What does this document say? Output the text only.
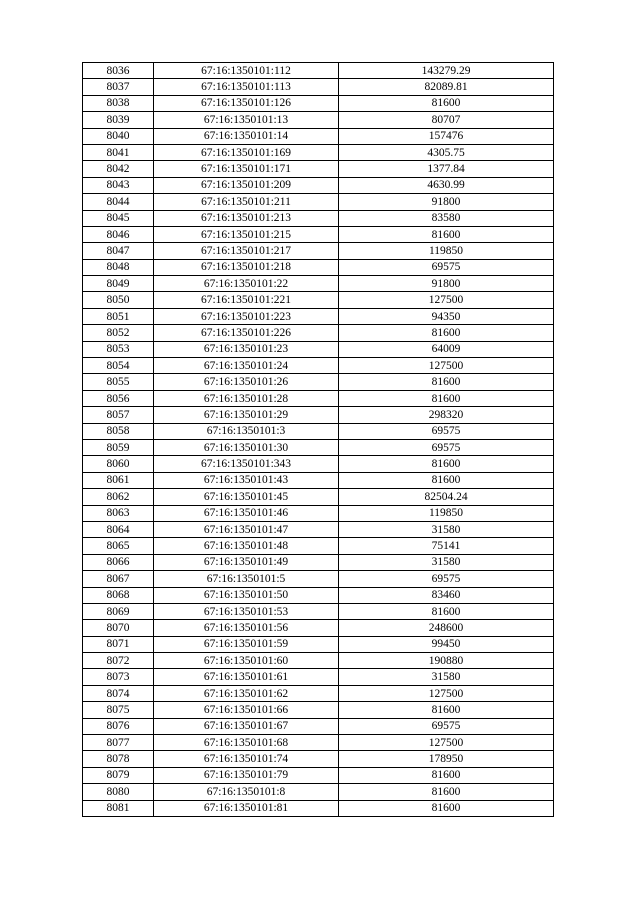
8036	67:16:1350101:112	143279.29
8037	67:16:1350101:113	82089.81
8038	67:16:1350101:126	81600
8039	67:16:1350101:13	80707
8040	67:16:1350101:14	157476
8041	67:16:1350101:169	4305.75
8042	67:16:1350101:171	1377.84
8043	67:16:1350101:209	4630.99
8044	67:16:1350101:211	91800
8045	67:16:1350101:213	83580
8046	67:16:1350101:215	81600
8047	67:16:1350101:217	119850
8048	67:16:1350101:218	69575
8049	67:16:1350101:22	91800
8050	67:16:1350101:221	127500
8051	67:16:1350101:223	94350
8052	67:16:1350101:226	81600
8053	67:16:1350101:23	64009
8054	67:16:1350101:24	127500
8055	67:16:1350101:26	81600
8056	67:16:1350101:28	81600
8057	67:16:1350101:29	298320
8058	67:16:1350101:3	69575
8059	67:16:1350101:30	69575
8060	67:16:1350101:343	81600
8061	67:16:1350101:43	81600
8062	67:16:1350101:45	82504.24
8063	67:16:1350101:46	119850
8064	67:16:1350101:47	31580
8065	67:16:1350101:48	75141
8066	67:16:1350101:49	31580
8067	67:16:1350101:5	69575
8068	67:16:1350101:50	83460
8069	67:16:1350101:53	81600
8070	67:16:1350101:56	248600
8071	67:16:1350101:59	99450
8072	67:16:1350101:60	190880
8073	67:16:1350101:61	31580
8074	67:16:1350101:62	127500
8075	67:16:1350101:66	81600
8076	67:16:1350101:67	69575
8077	67:16:1350101:68	127500
8078	67:16:1350101:74	178950
8079	67:16:1350101:79	81600
8080	67:16:1350101:8	81600
8081	67:16:1350101:81	81600
